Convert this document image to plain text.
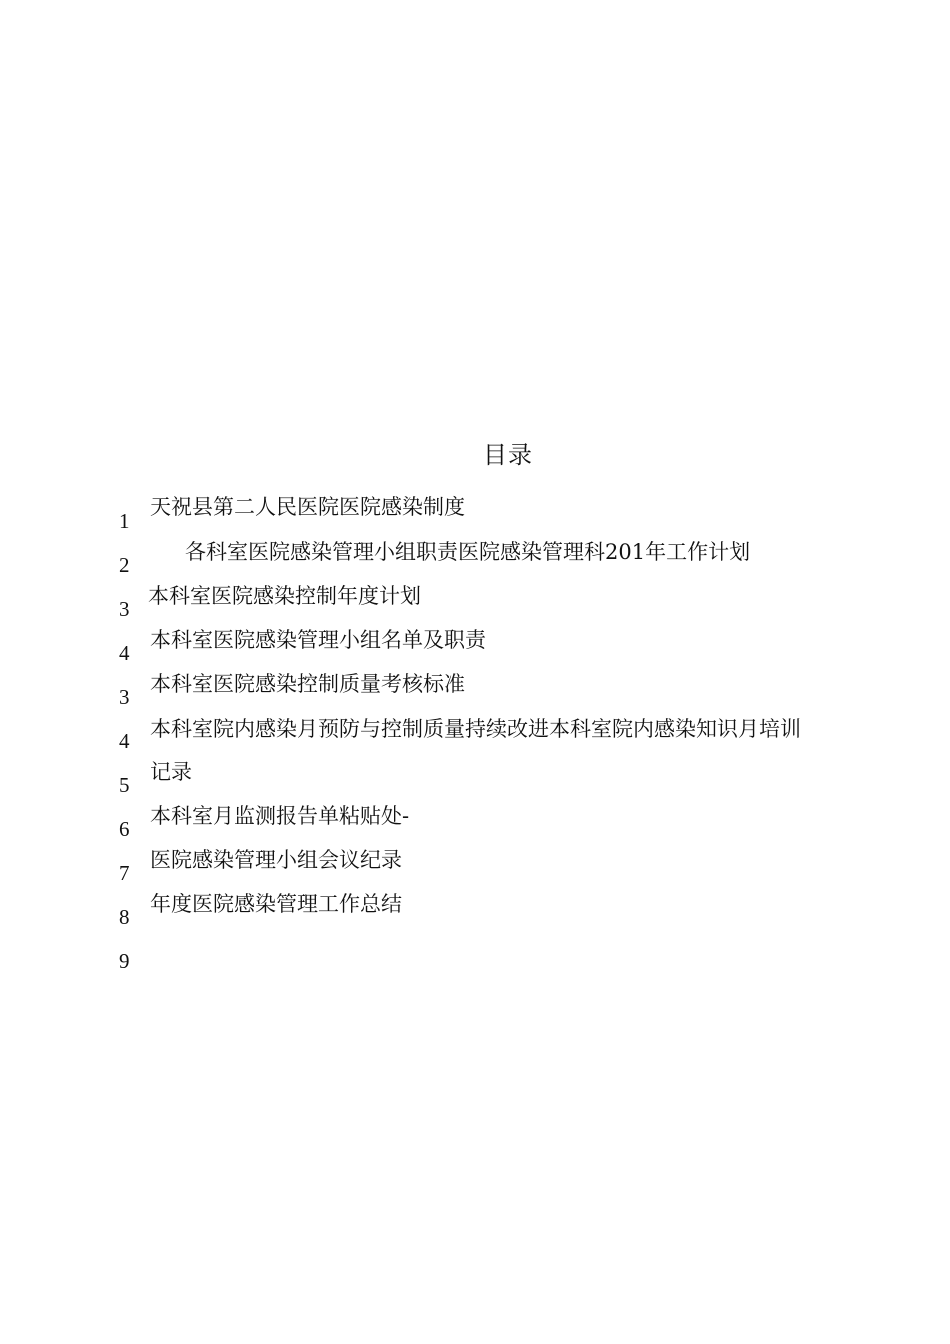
目录
天祝县第二人民医院医院感染制度
各科室医院感染管理小组职责医院感染管理科201年工作计划
本科室医院感染控制年度计划
本科室医院感染管理小组名单及职责
本科室医院感染控制质量考核标准
本科室院内感染月预防与控制质量持续改进本科室院内感染知识月培训
记录
本科室月监测报告单粘贴处-
医院感染管理小组会议纪录
年度医院感染管理工作总结
1
2
3
4
3
4
5
6
7
8
9
